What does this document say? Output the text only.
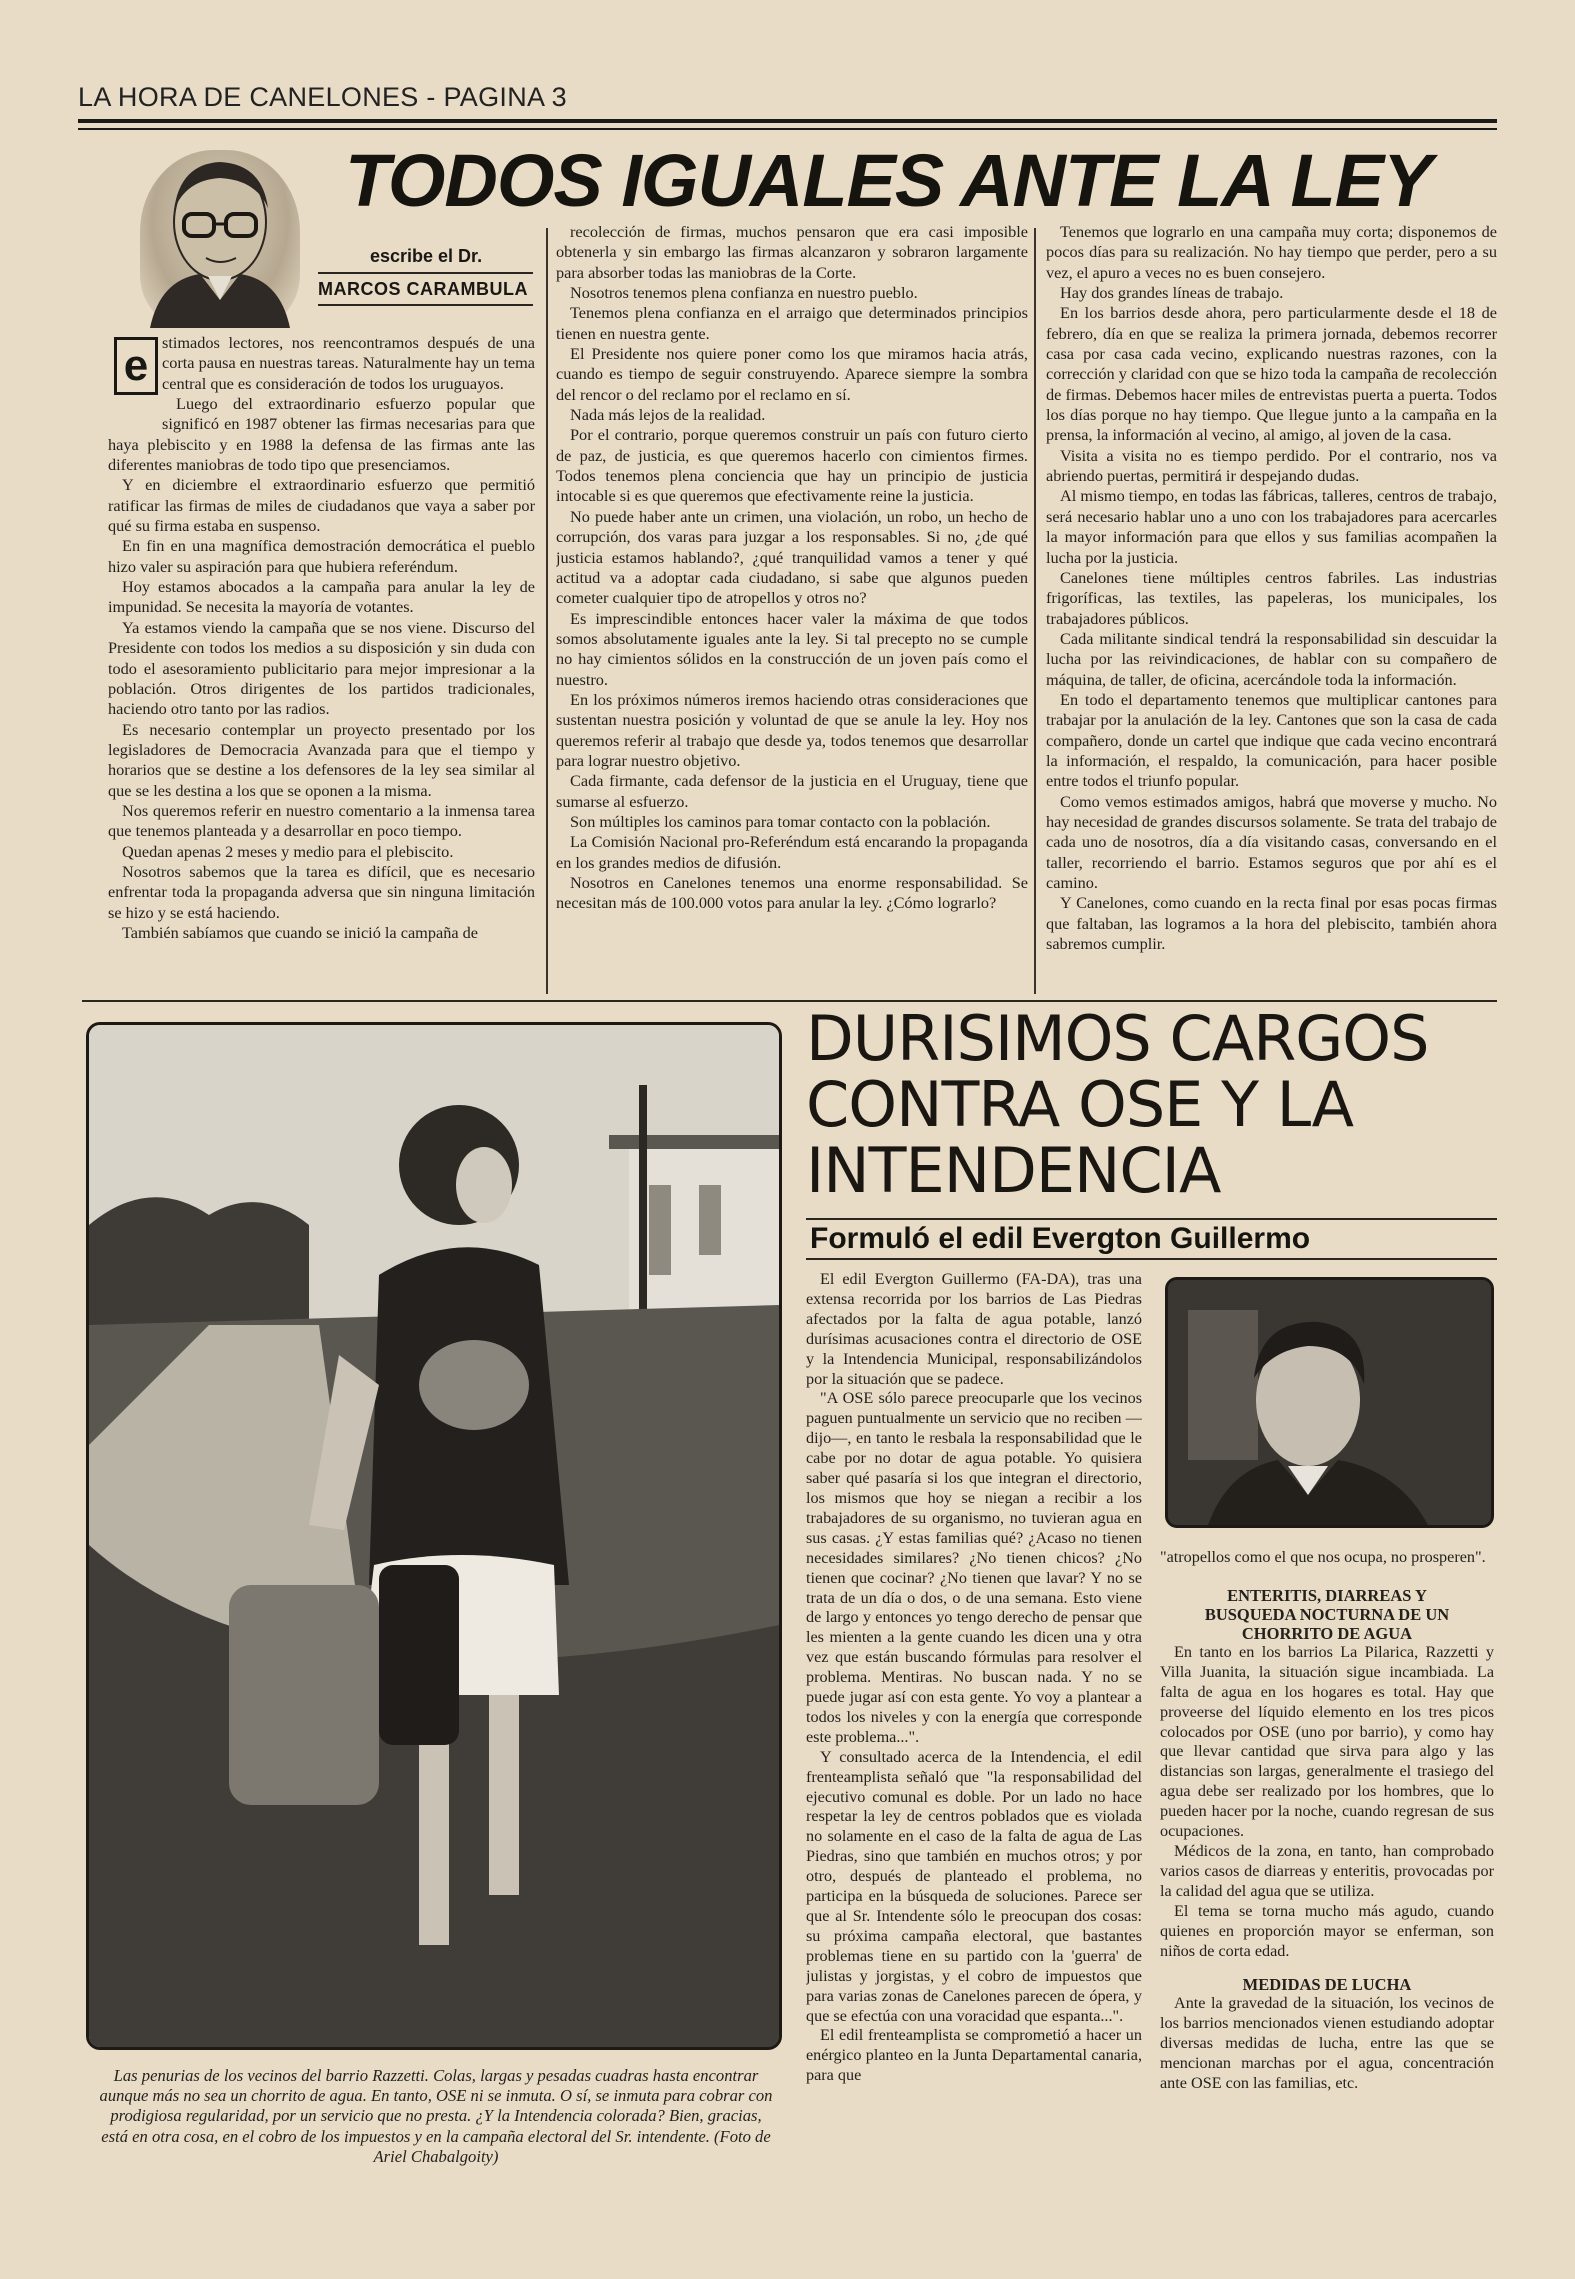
LA HORA DE CANELONES - PAGINA 3
TODOS IGUALES ANTE LA LEY
escribe el Dr.
MARCOS CARAMBULA
e stimados lectores, nos reencontramos después de una corta pausa en nuestras tareas. Naturalmente hay un tema central que es consideración de todos los uruguayos.

Luego del extraordinario esfuerzo popular que significó en 1987 obtener las firmas necesarias para que haya plebiscito y en 1988 la defensa de las firmas ante las diferentes maniobras de todo tipo que presenciamos.

Y en diciembre el extraordinario esfuerzo que permitió ratificar las firmas de miles de ciudadanos que vaya a saber por qué su firma estaba en suspenso.

En fin en una magnífica demostración democrática el pueblo hizo valer su aspiración para que hubiera referéndum.

Hoy estamos abocados a la campaña para anular la ley de impunidad. Se necesita la mayoría de votantes.

Ya estamos viendo la campaña que se nos viene. Discurso del Presidente con todos los medios a su disposición y sin duda con todo el asesoramiento publicitario para mejor impresionar a la población. Otros dirigentes de los partidos tradicionales, haciendo otro tanto por las radios.

Es necesario contemplar un proyecto presentado por los legisladores de Democracia Avanzada para que el tiempo y horarios que se destine a los defensores de la ley sea similar al que se les destina a los que se oponen a la misma.

Nos queremos referir en nuestro comentario a la inmensa tarea que tenemos planteada y a desarrollar en poco tiempo.

Quedan apenas 2 meses y medio para el plebiscito.

Nosotros sabemos que la tarea es difícil, que es necesario enfrentar toda la propaganda adversa que sin ninguna limitación se hizo y se está haciendo.

También sabíamos que cuando se inició la campaña de

recolección de firmas, muchos pensaron que era casi imposible obtenerla y sin embargo las firmas alcanzaron y sobraron largamente para absorber todas las maniobras de la Corte.

Nosotros tenemos plena confianza en nuestro pueblo.

Tenemos plena confianza en el arraigo que determinados principios tienen en nuestra gente.

El Presidente nos quiere poner como los que miramos hacia atrás, cuando es tiempo de seguir construyendo. Aparece siempre la sombra del rencor o del reclamo por el reclamo en sí.

Nada más lejos de la realidad.

Por el contrario, porque queremos construir un país con futuro cierto de paz, de justicia, es que queremos hacerlo con cimientos firmes. Todos tenemos plena conciencia que hay un principio de justicia intocable si es que queremos que efectivamente reine la justicia.

No puede haber ante un crimen, una violación, un robo, un hecho de corrupción, dos varas para juzgar a los responsables. Si no, ¿de qué justicia estamos hablando?, ¿qué tranquilidad vamos a tener y qué actitud va a adoptar cada ciudadano, si sabe que algunos pueden cometer cualquier tipo de atropellos y otros no?

Es imprescindible entonces hacer valer la máxima de que todos somos absolutamente iguales ante la ley. Si tal precepto no se cumple no hay cimientos sólidos en la construcción de un joven país como el nuestro.

En los próximos números iremos haciendo otras consideraciones que sustentan nuestra posición y voluntad de que se anule la ley. Hoy nos queremos referir al trabajo que desde ya, todos tenemos que desarrollar para lograr nuestro objetivo.

Cada firmante, cada defensor de la justicia en el Uruguay, tiene que sumarse al esfuerzo.

Son múltiples los caminos para tomar contacto con la población.

La Comisión Nacional pro-Referéndum está encarando la propaganda en los grandes medios de difusión.

Nosotros en Canelones tenemos una enorme responsabilidad. Se necesitan más de 100.000 votos para anular la ley. ¿Cómo lograrlo?

Tenemos que lograrlo en una campaña muy corta; disponemos de pocos días para su realización. No hay tiempo que perder, pero a su vez, el apuro a veces no es buen consejero.

Hay dos grandes líneas de trabajo.

En los barrios desde ahora, pero particularmente desde el 18 de febrero, día en que se realiza la primera jornada, debemos recorrer casa por casa cada vecino, explicando nuestras razones, con la corrección y claridad con que se hizo toda la campaña de recolección de firmas. Debemos hacer miles de entrevistas puerta a puerta. Todos los días porque no hay tiempo. Que llegue junto a la campaña en la prensa, la información al vecino, al amigo, al joven de la casa.

Visita a visita no es tiempo perdido. Por el contrario, nos va abriendo puertas, permitirá ir despejando dudas.

Al mismo tiempo, en todas las fábricas, talleres, centros de trabajo, será necesario hablar uno a uno con los trabajadores para acercarles la mayor información para que ellos y sus familias acompañen la lucha por la justicia.

Canelones tiene múltiples centros fabriles. Las industrias frigoríficas, las textiles, las papeleras, los municipales, los trabajadores públicos.

Cada militante sindical tendrá la responsabilidad sin descuidar la lucha por las reivindicaciones, de hablar con su compañero de máquina, de taller, de oficina, acercándole toda la información.

En todo el departamento tenemos que multiplicar cantones para trabajar por la anulación de la ley. Cantones que son la casa de cada compañero, donde un cartel que indique que cada vecino encontrará la información, el respaldo, la comunicación, para hacer posible entre todos el triunfo popular.

Como vemos estimados amigos, habrá que moverse y mucho. No hay necesidad de grandes discursos solamente. Se trata del trabajo de cada uno de nosotros, día a día visitando casas, conversando en el taller, recorriendo el barrio. Estamos seguros que por ahí es el camino.

Y Canelones, como cuando en la recta final por esas pocas firmas que faltaban, las logramos a la hora del plebiscito, también ahora sabremos cumplir.

Las penurias de los vecinos del barrio Razzetti. Colas, largas y pesadas cuadras hasta encontrar aunque más no sea un chorrito de agua. En tanto, OSE ni se inmuta. O sí, se inmuta para cobrar con prodigiosa regularidad, por un servicio que no presta. ¿Y la Intendencia colorada? Bien, gracias, está en otra cosa, en el cobro de los impuestos y en la campaña electoral del Sr. intendente. (Foto de Ariel Chabalgoity)
DURISIMOS CARGOS
CONTRA OSE Y LA
INTENDENCIA
Formuló el edil Evergton Guillermo

El edil Evergton Guillermo (FA-DA), tras una extensa recorrida por los barrios de Las Piedras afectados por la falta de agua potable, lanzó durísimas acusaciones contra el directorio de OSE y la Intendencia Municipal, responsabilizándolos por la situación que se padece.

"A OSE sólo parece preocuparle que los vecinos paguen puntualmente un servicio que no reciben —dijo—, en tanto le resbala la responsabilidad que le cabe por no dotar de agua potable. Yo quisiera saber qué pasaría si los que integran el directorio, los mismos que hoy se niegan a recibir a los trabajadores de su organismo, no tuvieran agua en sus casas. ¿Y estas familias qué? ¿Acaso no tienen necesidades similares? ¿No tienen chicos? ¿No tienen que cocinar? ¿No tienen que lavar? Y no se trata de un día o dos, o de una semana. Esto viene de largo y entonces yo tengo derecho de pensar que les mienten a la gente cuando les dicen una y otra vez que están buscando fórmulas para resolver el problema. Mentiras. No buscan nada. Y no se puede jugar así con esta gente. Yo voy a plantear a todos los niveles y con la energía que corresponde este problema...".

Y consultado acerca de la Intendencia, el edil frenteamplista señaló que "la responsabilidad del ejecutivo comunal es doble. Por un lado no hace respetar la ley de centros poblados que es violada no solamente en el caso de la falta de agua de Las Piedras, sino que también en muchos otros; y por otro, después de planteado el problema, no participa en la búsqueda de soluciones. Parece ser que al Sr. Intendente sólo le preocupan dos cosas: su próxima campaña electoral, que bastantes problemas tiene en su partido con la 'guerra' de julistas y jorgistas, y el cobro de impuestos que para varias zonas de Canelones parecen de ópera, y que se efectúa con una voracidad que espanta...".

El edil frenteamplista se comprometió a hacer un enérgico planteo en la Junta Departamental canaria, para que

"atropellos como el que nos ocupa, no prosperen".

ENTERITIS, DIARREAS Y BUSQUEDA NOCTURNA DE UN CHORRITO DE AGUA

En tanto en los barrios La Pilarica, Razzetti y Villa Juanita, la situación sigue incambiada. La falta de agua en los hogares es total. Hay que proveerse del líquido elemento en los tres picos colocados por OSE (uno por barrio), y como hay que llevar cantidad que sirva para algo y las distancias son largas, generalmente el trasiego del agua debe ser realizado por los hombres, que lo pueden hacer por la noche, cuando regresan de sus ocupaciones.

Médicos de la zona, en tanto, han comprobado varios casos de diarreas y enteritis, provocadas por la calidad del agua que se utiliza.

El tema se torna mucho más agudo, cuando quienes en proporción mayor se enferman, son niños de corta edad.

MEDIDAS DE LUCHA

Ante la gravedad de la situación, los vecinos de los barrios mencionados vienen estudiando adoptar diversas medidas de lucha, entre las que se mencionan marchas por el agua, concentración ante OSE con las familias, etc.
